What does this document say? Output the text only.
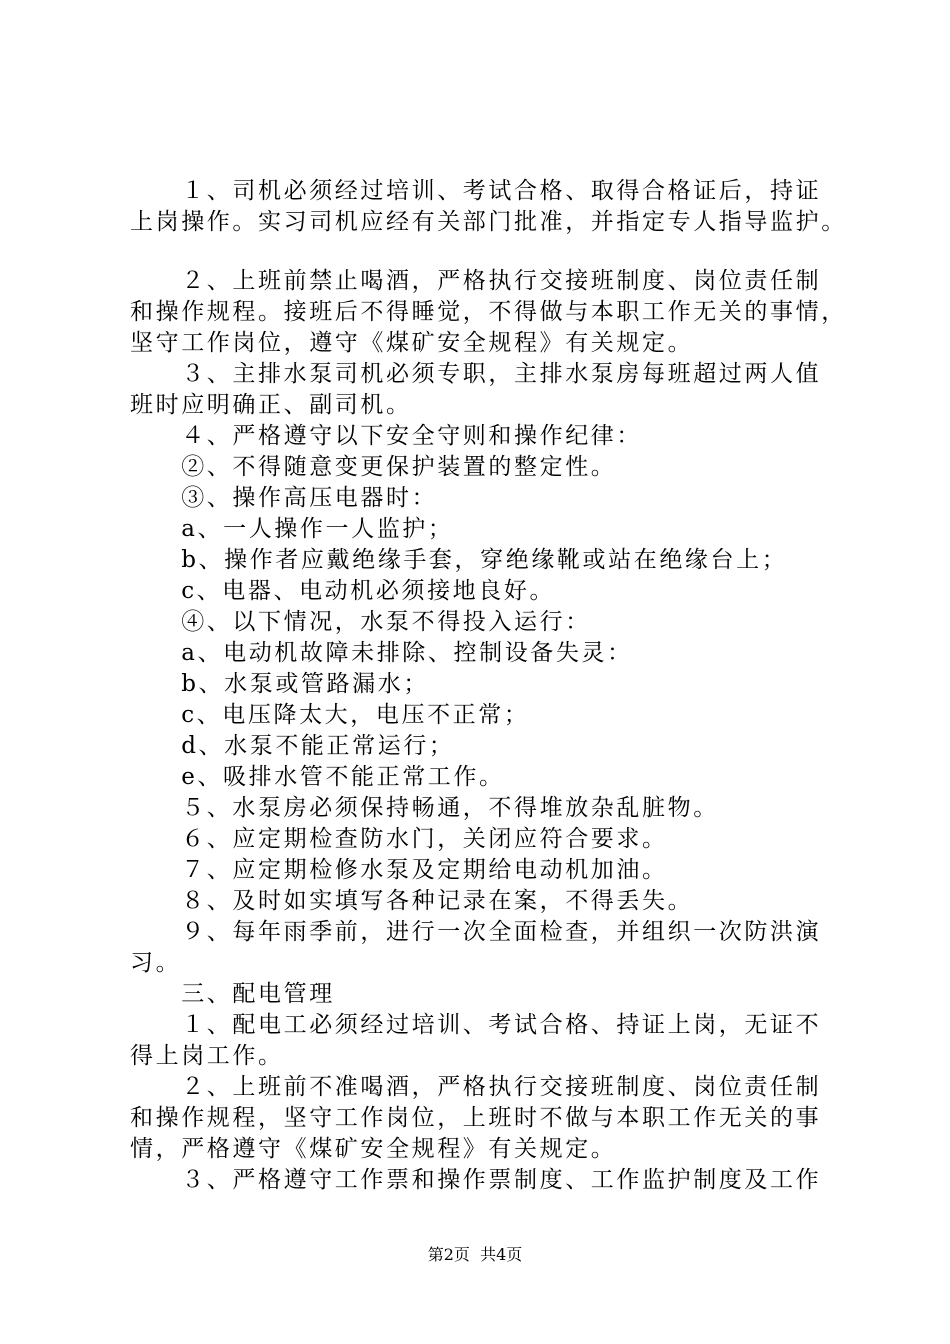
　　１、司机必须经过培训、考试合格、取得合格证后，持证
上岗操作。实习司机应经有关部门批准，并指定专人指导监护。
　　２、上班前禁止喝酒，严格执行交接班制度、岗位责任制
和操作规程。接班后不得睡觉，不得做与本职工作无关的事情，
坚守工作岗位，遵守《煤矿安全规程》有关规定。
　　３、主排水泵司机必须专职，主排水泵房每班超过两人值
班时应明确正、副司机。
　　４、严格遵守以下安全守则和操作纪律：
　　②、不得随意变更保护装置的整定性。
　　③、操作高压电器时：
　　a、一人操作一人监护；
　　b、操作者应戴绝缘手套，穿绝缘靴或站在绝缘台上；
　　c、电器、电动机必须接地良好。
　　④、以下情况，水泵不得投入运行：
　　a、电动机故障未排除、控制设备失灵：
　　b、水泵或管路漏水；
　　c、电压降太大，电压不正常；
　　d、水泵不能正常运行；
　　e、吸排水管不能正常工作。
　　５、水泵房必须保持畅通，不得堆放杂乱脏物。
　　６、应定期检查防水门，关闭应符合要求。
　　７、应定期检修水泵及定期给电动机加油。
　　８、及时如实填写各种记录在案，不得丢失。
　　９、每年雨季前，进行一次全面检查，并组织一次防洪演
习。
　　三、配电管理
　　１、配电工必须经过培训、考试合格、持证上岗，无证不
得上岗工作。
　　２、上班前不准喝酒，严格执行交接班制度、岗位责任制
和操作规程，坚守工作岗位，上班时不做与本职工作无关的事
情，严格遵守《煤矿安全规程》有关规定。
　　３、严格遵守工作票和操作票制度、工作监护制度及工作
第2页  共4页
